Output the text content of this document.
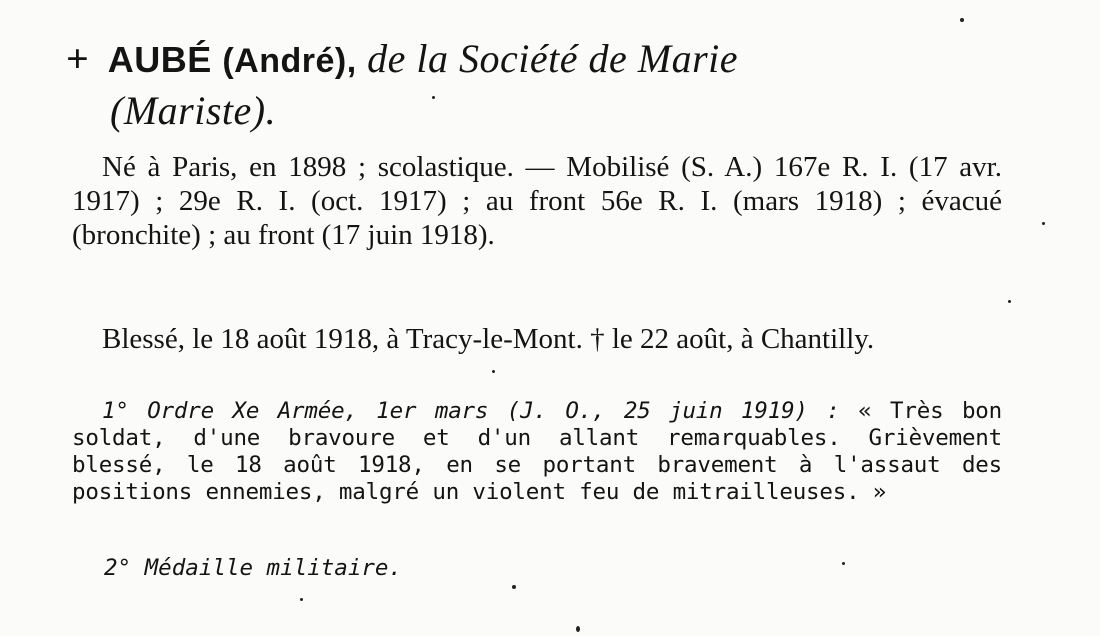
+ AUBÉ (André), de la Société de Marie
(Mariste).
Né à Paris, en 1898 ; scolastique. — Mobilisé (S. A.) 167e R. I. (17 avr. 1917) ; 29e R. I. (oct. 1917) ; au front 56e R. I. (mars 1918) ; évacué (bronchite) ; au front (17 juin 1918).
Blessé, le 18 août 1918, à Tracy-le-Mont. † le 22 août, à Chantilly.
1° Ordre Xe Armée, 1er mars (J. O., 25 juin 1919) : « Très bon soldat, d'une bravoure et d'un allant remarquables. Grièvement blessé, le 18 août 1918, en se portant bravement à l'assaut des positions ennemies, malgré un violent feu de mitrailleuses. »
2° Médaille militaire.
